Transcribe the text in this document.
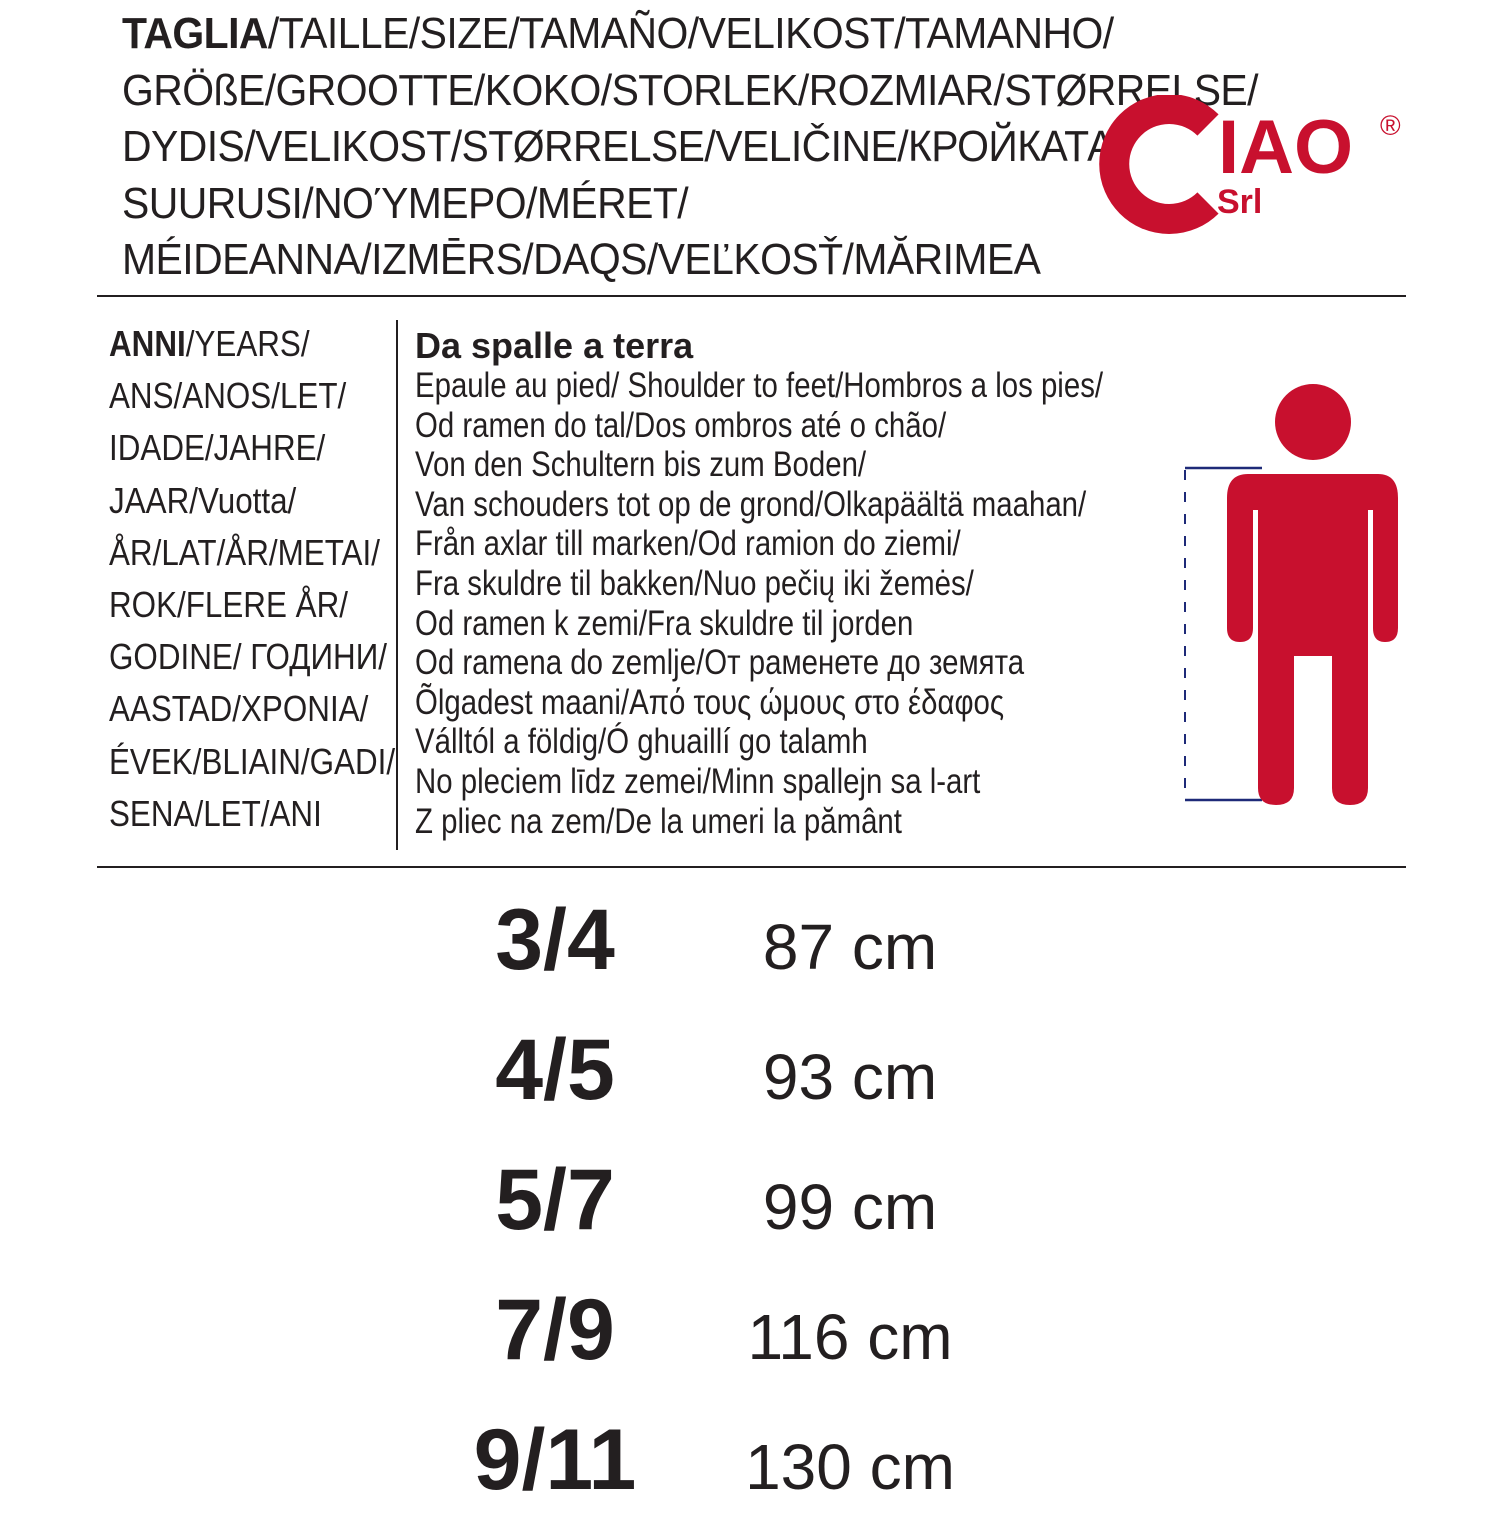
TAGLIA/TAILLE/SIZE/TAMAÑO/VELIKOST/TAMANHO/
GRÖßE/GROOTTE/KOKO/STORLEK/ROZMIAR/STØRRELSE/
DYDIS/VELIKOST/STØRRELSE/VELIČINE/КРОЙКАТА/
SUURUSI/ΝΟΎΜΕΡΟ/MÉRET/
MÉIDEANNA/IZMĒRS/DAQS/VEĽKOSŤ/MĂRIMEA
IAO
Srl
®
ANNI/YEARS/
ANS/ANOS/LET/
IDADE/JAHRE/
JAAR/Vuotta/
ÅR/LAT/ÅR/METAI/
ROK/FLERE ÅR/
GODINE/ ГОДИНИ/
AASTAD/ΧΡΟΝΙΑ/
ÉVEK/BLIAIN/GADI/
SENA/LET/ANI
Da spalle a terra
Epaule au pied/ Shoulder to feet/Hombros a los pies/
Od ramen do tal/Dos ombros até o chão/
Von den Schultern bis zum Boden/
Van schouders tot op de grond/Olkapäältä maahan/
Från axlar till marken/Od ramion do ziemi/
Fra skuldre til bakken/Nuo pečių iki žemės/
Od ramen k zemi/Fra skuldre til jorden
Od ramena do zemlje/От раменете до земята
Õlgadest maani/Από τους ώμους στο έδαφος
Válltól a földig/Ó ghuaillí go talamh
No pleciem līdz zemei/Minn spallejn sa l-art
Z pliec na zem/De la umeri la pământ
3/4	87 cm
4/5	93 cm
5/7	99 cm
7/9	116 cm
9/11	130 cm
